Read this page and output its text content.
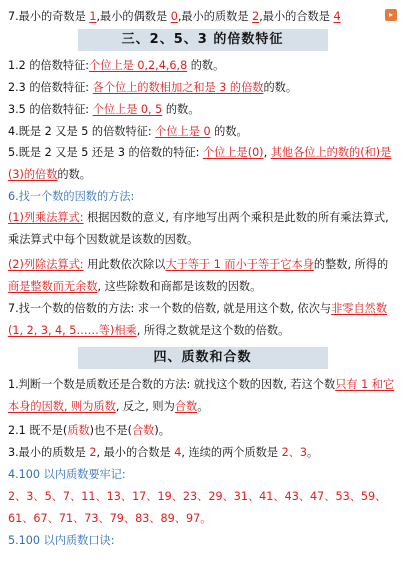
▸
7.最小的奇数是 1,最小的偶数是 0,最小的质数是 2,最小的合数是 4
三、2、5、3 的倍数特征
1.2 的倍数特征:个位上是 0,2,4,6,8 的数。
2.3 的倍数特征: 各个位上的数相加之和是 3 的倍数的数。
3.5 的倍数特征: 个位上是 0, 5 的数。
4.既是 2 又是 5 的倍数特征: 个位上是 0 的数。
5.既是 2 又是 5 还是 3 的倍数的特征: 个位上是(0), 其他各位上的数的(和)是(3)的倍数的数。
6.找一个数的因数的方法:
(1)列乘法算式: 根据因数的意义, 有序地写出两个乘积是此数的所有乘法算式, 乘法算式中每个因数就是该数的因数。
(2)列除法算式: 用此数依次除以大于等于 1 而小于等于它本身的整数, 所得的商是整数而无余数, 这些除数和商都是该数的因数。
7.找一个数的倍数的方法: 求一个数的倍数, 就是用这个数, 依次与非零自然数(1, 2, 3, 4, 5……等)相乘, 所得之数就是这个数的倍数。
四、质数和合数
1.判断一个数是质数还是合数的方法: 就找这个数的因数, 若这个数只有 1 和它本身的因数, 则为质数, 反之, 则为合数。
2.1 既不是(质数)也不是(合数)。
3.最小的质数是 2, 最小的合数是 4, 连续的两个质数是 2、3。
4.100 以内质数要牢记:
2、3、5、7、11、13、17、19、23、29、31、41、43、47、53、59、
61、67、71、73、79、83、89、97。
5.100 以内质数口诀:
